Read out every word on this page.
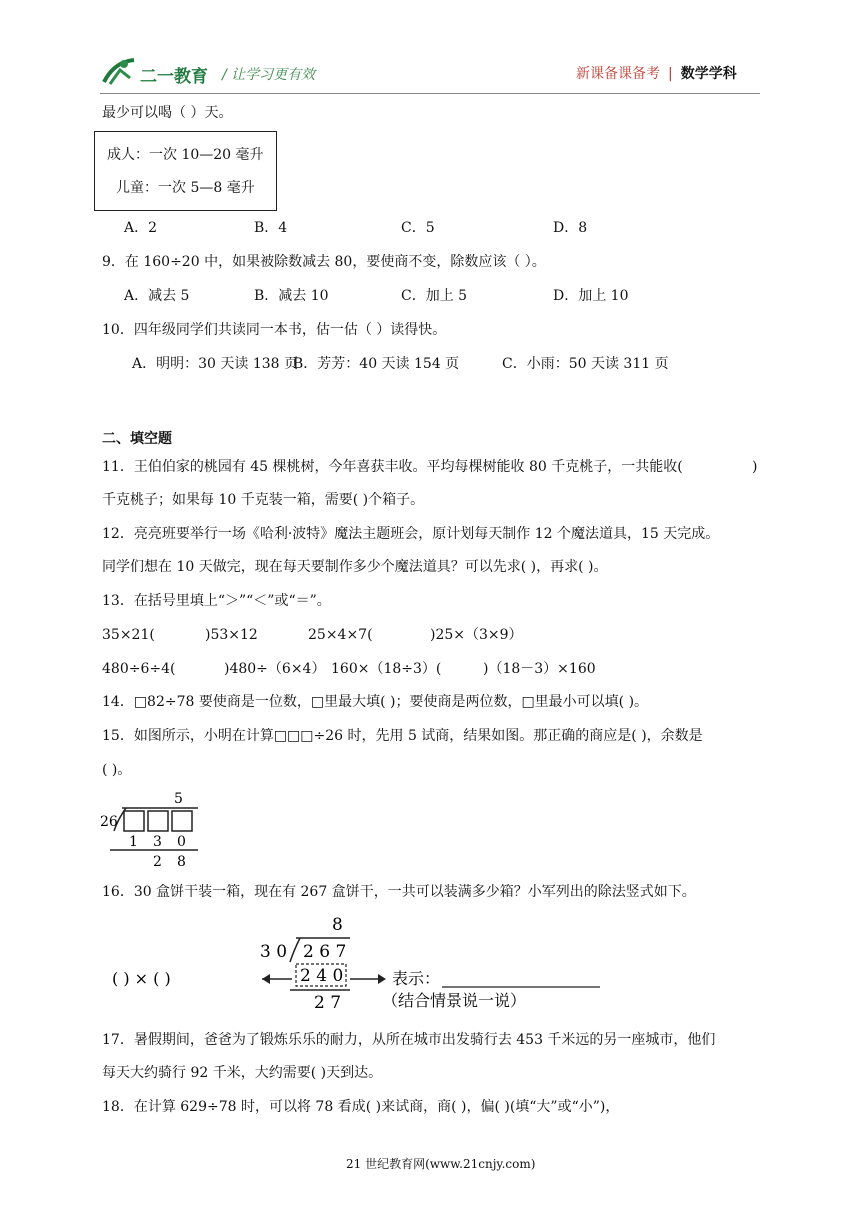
二一教育 / 让学习更有效	新课备课备考 | 数学学科
最少可以喝（ ）天。
成人：一次 10—20 毫升
儿童：一次 5—8 毫升
A．2	B．4	C．5	D．8
9．在 160÷20 中，如果被除数减去 80，要使商不变，除数应该（ ）。
A．减去 5	B．减去 10	C．加上 5	D．加上 10
10．四年级同学们共读同一本书，估一估（ ）读得快。
A．明明：30 天读 138 页
B．芳芳：40 天读 154 页	C．小雨：50 天读 311 页
二、填空题
11．王伯伯家的桃园有 45 棵桃树，今年喜获丰收。平均每棵树能收 80 千克桃子，一共能收(	)
千克桃子；如果每 10 千克装一箱，需要( )个箱子。
12．亮亮班要举行一场《哈利·波特》魔法主题班会，原计划每天制作 12 个魔法道具，15 天完成。
同学们想在 10 天做完，现在每天要制作多少个魔法道具？可以先求( )，再求( )。
13．在括号里填上“＞”“＜”或“＝”。
35×21(	)53×12	25×4×7(	)25×（3×9）
480÷6÷4(	)480÷（6×4） 160×（18÷3）(	)（18－3）×160
14．□82÷78 要使商是一位数，□里最大填( )；要使商是两位数，□里最小可以填( )。
15．如图所示，小明在计算□□□÷26 时，先用 5 试商，结果如图。那正确的商应是( )，余数是
( )。
5
26
1 3 0
2 8
16．30 盒饼干装一箱，现在有 267 盒饼干，一共可以装满多少箱？小军列出的除法竖式如下。
8
3 0 2 6 7
( ) × ( )	2 4 0
2 7
表示：
（结合情景说一说）
17．暑假期间，爸爸为了锻炼乐乐的耐力，从所在城市出发骑行去 453 千米远的另一座城市，他们
每天大约骑行 92 千米，大约需要( )天到达。
18．在计算 629÷78 时，可以将 78 看成( )来试商，商( )，偏( )(填“大”或“小”)，
21 世纪教育网(www.21cnjy.com)
